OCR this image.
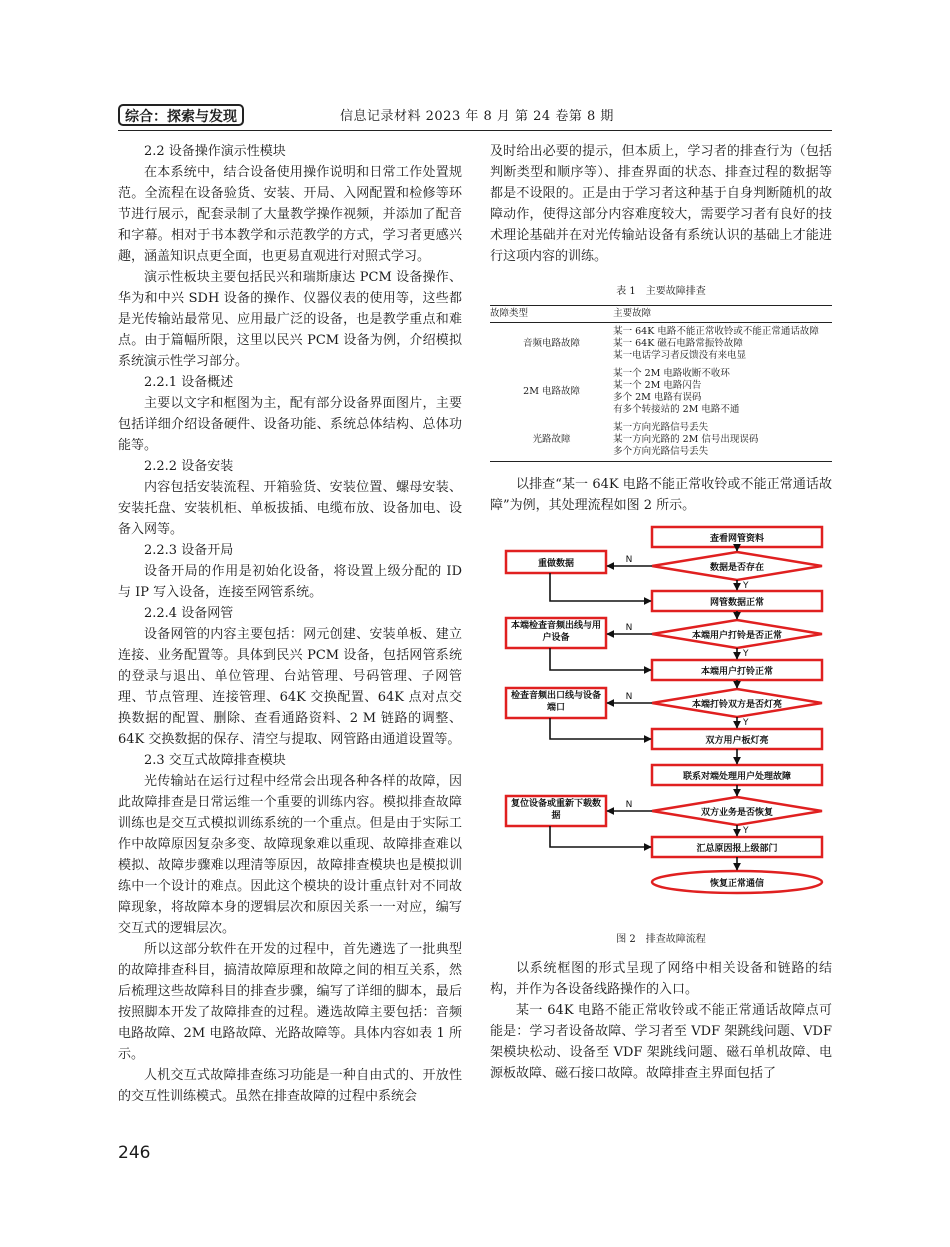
综合：探索与发现	信息记录材料 2023 年 8 月 第 24 卷第 8 期

2.2 设备操作演示性模块

在本系统中，结合设备使用操作说明和日常工作处置规范。全流程在设备验货、安装、开局、入网配置和检修等环节进行展示，配套录制了大量教学操作视频，并添加了配音和字幕。相对于书本教学和示范教学的方式，学习者更感兴趣，涵盖知识点更全面，也更易直观进行对照式学习。

演示性板块主要包括民兴和瑞斯康达 PCM 设备操作、华为和中兴 SDH 设备的操作、仪器仪表的使用等，这些都是光传输站最常见、应用最广泛的设备，也是教学重点和难点。由于篇幅所限，这里以民兴 PCM 设备为例，介绍模拟系统演示性学习部分。

2.2.1 设备概述

主要以文字和框图为主，配有部分设备界面图片，主要包括详细介绍设备硬件、设备功能、系统总体结构、总体功能等。

2.2.2 设备安装

内容包括安装流程、开箱验货、安装位置、螺母安装、安装托盘、安装机柜、单板拔插、电缆布放、设备加电、设备入网等。

2.2.3 设备开局

设备开局的作用是初始化设备，将设置上级分配的 ID 与 IP 写入设备，连接至网管系统。

2.2.4 设备网管

设备网管的内容主要包括：网元创建、安装单板、建立连接、业务配置等。具体到民兴 PCM 设备，包括网管系统的登录与退出、单位管理、台站管理、号码管理、子网管理、节点管理、连接管理、64K 交换配置、64K 点对点交换数据的配置、删除、查看通路资料、2 M 链路的调整、64K 交换数据的保存、清空与提取、网管路由通道设置等。

2.3 交互式故障排查模块

光传输站在运行过程中经常会出现各种各样的故障，因此故障排查是日常运维一个重要的训练内容。模拟排查故障训练也是交互式模拟训练系统的一个重点。但是由于实际工作中故障原因复杂多变、故障现象难以重现、故障排查难以模拟、故障步骤难以理清等原因，故障排查模块也是模拟训练中一个设计的难点。因此这个模块的设计重点针对不同故障现象，将故障本身的逻辑层次和原因关系一一对应，编写交互式的逻辑层次。

所以这部分软件在开发的过程中，首先遴选了一批典型的故障排查科目，搞清故障原理和故障之间的相互关系，然后梳理这些故障科目的排查步骤，编写了详细的脚本，最后按照脚本开发了故障排查的过程。遴选故障主要包括：音频电路故障、2M 电路故障、光路故障等。具体内容如表 1 所示。

人机交互式故障排查练习功能是一种自由式的、开放性的交互性训练模式。虽然在排查故障的过程中系统会

及时给出必要的提示，但本质上，学习者的排查行为（包括判断类型和顺序等）、排查界面的状态、排查过程的数据等都是不设限的。正是由于学习者这种基于自身判断随机的故障动作，使得这部分内容难度较大，需要学习者有良好的技术理论基础并在对光传输站设备有系统认识的基础上才能进行这项内容的训练。

表 1　主要故障排查
故障类型	主要故障
音频电路故障	某一 64K 电路不能正常收铃或不能正常通话故障
某一 64K 磁石电路常振铃故障
某一电话学习者反馈没有来电显

2M 电路故障	某一个 2M 电路收断不收环
某一个 2M 电路闪告
多个 2M 电路有误码
有多个转接站的 2M 电路不通

光路故障	某一方向光路信号丢失
某一方向光路的 2M 信号出现误码
多个方向光路信号丢失

以排查“某一 64K 电路不能正常收铃或不能正常通话故障”为例，其处理流程如图 2 所示。

查看网管资料
数据是否存在
网管数据正常
本端用户打铃是否正常
本端用户打铃正常
本端打铃双方是否灯亮
双方用户板灯亮
联系对端处理用户处理故障
双方业务是否恢复
汇总原因报上级部门
恢复正常通信
重做数据
本端检查音频出线与用户设备
检查音频出口线与设备端口
复位设备或重新下载数据
N
N
N
N
Y
Y
Y
Y
图 2　排查故障流程

以系统框图的形式呈现了网络中相关设备和链路的结构，并作为各设备线路操作的入口。

某一 64K 电路不能正常收铃或不能正常通话故障点可能是：学习者设备故障、学习者至 VDF 架跳线问题、VDF 架模块松动、设备至 VDF 架跳线问题、磁石单机故障、电源板故障、磁石接口故障。故障排查主界面包括了

246
